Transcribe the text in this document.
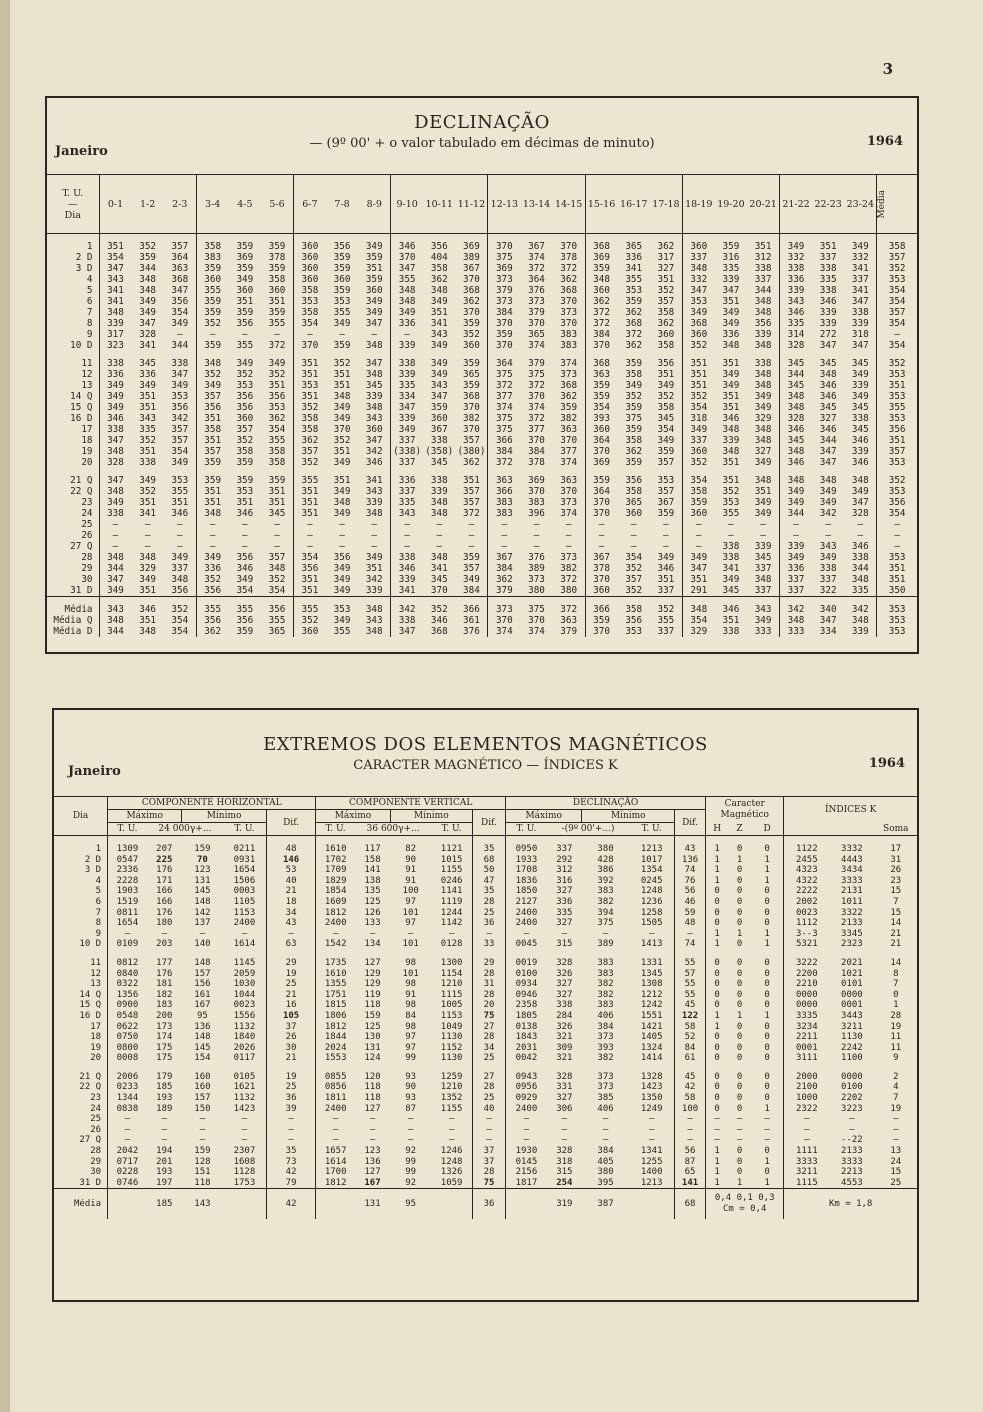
3
DECLINAÇÃO
— (9º 00' + o valor tabulado em décimas de minuto)
Janeiro
1964
T. U.
—
Dia	0-1	1-2	2-3	3-4	4-5	5-6	6-7	7-8	8-9	9-10	10-11	11-12	12-13	13-14	14-15	15-16	16-17	17-18	18-19	19-20	20-21	21-22	22-23	23-24	Média

1	351	352	357	358	359	359	360	356	349	346	356	369	370	367	370	368	365	362	360	359	351	349	351	349	358
2 D	354	359	364	383	369	378	360	359	359	370	404	389	375	374	378	369	336	317	337	316	312	332	337	332	357
3 D	347	344	363	359	359	359	360	359	351	347	358	367	369	372	372	359	341	327	348	335	338	338	338	341	352
4	343	348	368	360	349	358	360	360	359	355	362	370	373	364	362	348	355	351	332	339	337	336	335	337	353
5	341	348	347	355	360	360	358	359	360	348	348	368	379	376	368	360	353	352	347	347	344	339	338	341	354
6	341	349	356	359	351	351	353	353	349	348	349	362	373	373	370	362	359	357	353	351	348	343	346	347	354
7	348	349	354	359	359	359	358	355	349	349	351	370	384	379	373	372	362	358	349	349	348	346	339	338	357
8	339	347	349	352	356	355	354	349	347	336	341	359	370	370	370	372	368	362	368	349	356	335	339	339	354
9	317	328	—	—	—	—	—	—	—	—	343	352	359	365	383	384	372	360	360	336	339	314	272	318	—
10 D	323	341	344	359	355	372	370	359	348	339	349	360	370	374	383	370	362	358	352	348	348	328	347	347	354

11	338	345	338	348	349	349	351	352	347	338	349	359	364	379	374	368	359	356	351	351	338	345	345	345	352
12	336	336	347	352	352	352	351	351	348	339	349	365	375	375	373	363	358	351	351	349	348	344	348	349	353
13	349	349	349	349	353	351	353	351	345	335	343	359	372	372	368	359	349	349	351	349	348	345	346	339	351
14 Q	349	351	353	357	356	356	351	348	339	334	347	368	377	370	362	359	352	352	352	351	349	348	346	349	353
15 Q	349	351	356	356	356	353	352	349	348	347	359	370	374	374	359	354	359	358	354	351	349	348	345	345	355
16 D	346	343	342	351	360	362	358	349	343	339	360	382	375	372	382	393	375	345	318	346	329	328	327	338	353
17	338	335	357	358	357	354	358	370	360	349	367	370	375	377	363	360	359	354	349	348	348	346	346	345	356
18	347	352	357	351	352	355	362	352	347	337	338	357	366	370	370	364	358	349	337	339	348	345	344	346	351
19	348	351	354	357	358	358	357	351	342	(338)	(358)	(380)	384	384	377	370	362	359	360	348	327	348	347	339	357
20	328	338	349	359	359	358	352	349	346	337	345	362	372	378	374	369	359	357	352	351	349	346	347	346	353

21 Q	347	349	353	359	359	359	355	351	341	336	338	351	363	369	363	359	356	353	354	351	348	348	348	348	352
22 Q	348	352	355	351	353	351	351	349	343	337	339	357	366	370	370	364	358	357	358	352	351	349	349	349	353
23	349	351	351	351	351	351	351	348	339	335	348	357	383	383	373	370	365	367	359	353	349	349	349	347	356
24	338	341	346	348	346	345	351	349	348	343	348	372	383	396	374	370	360	359	360	355	349	344	342	328	354
25	—	—	—	—	—	—	—	—	—	—	—	—	—	—	—	—	—	—	—	—	—	—	—	—	—
26	—	—	—	—	—	—	—	—	—	—	—	—	—	—	—	—	—	—	—	—	—	—	—	—	—
27 Q	—	—	—	—	—	—	—	—	—	—	—	—	—	—	—	—	—	—	—	338	339	339	343	346	—
28	348	348	349	349	356	357	354	356	349	338	348	359	367	376	373	367	354	349	349	338	345	349	349	338	353
29	344	329	337	336	346	348	356	349	351	346	341	357	384	389	382	378	352	346	347	341	337	336	338	344	351
30	347	349	348	352	349	352	351	349	342	339	345	349	362	373	372	370	357	351	351	349	348	337	337	348	351
31 D	349	351	356	356	354	354	351	349	339	341	370	384	379	380	380	360	352	337	291	345	337	337	322	335	350

Média	343	346	352	355	355	356	355	353	348	342	352	366	373	375	372	366	358	352	348	346	343	342	340	342	353
Média Q	348	351	354	356	356	355	352	349	343	338	346	361	370	370	363	359	356	355	354	351	349	348	347	348	353
Média D	344	348	354	362	359	365	360	355	348	347	368	376	374	374	379	370	353	337	329	338	333	333	334	339	353
EXTREMOS DOS ELEMENTOS MAGNÉTICOS
CARACTER MAGNÉTICO — ÍNDICES K
Janeiro
1964
Dia	COMPONENTE HORIZONTAL					COMPONENTE VERTICAL					DECLINAÇÃO					Caracter Magnético			ÍNDICES K		
	Máximo		Mínimo		Dif.	Máximo		Mínimo		Dif.	Máximo		Mínimo		Dif.						
	T. U.	24 000γ+...		T. U.		T. U.	36 600γ+...		T. U.		T. U.	-(9º 00'+...)		T. U.		H	Z	D			Soma

1	1309	207	159	0211	48	1610	117	82	1121	35	0950	337	380	1213	43	1	0	0	1122	3332	17
2 D	0547	225	70	0931	146	1702	158	90	1015	68	1933	292	428	1017	136	1	1	1	2455	4443	31
3 D	2336	176	123	1654	53	1709	141	91	1155	50	1708	312	386	1354	74	1	0	1	4323	3434	26
4	2228	171	131	1506	40	1829	138	91	0246	47	1836	316	392	0245	76	1	0	1	4322	3333	23
5	1903	166	145	0003	21	1854	135	100	1141	35	1850	327	383	1248	56	0	0	0	2222	2131	15
6	1519	166	148	1105	18	1609	125	97	1119	28	2127	336	382	1236	46	0	0	0	2002	1011	7
7	0811	176	142	1153	34	1812	126	101	1244	25	2400	335	394	1258	59	0	0	0	0023	3322	15
8	1654	180	137	2400	43	2400	133	97	1142	36	2400	327	375	1505	48	0	0	0	1112	2133	14
9	—	—	—	—	—	—	—	—	—	—	—	—	—	—	—	1	1	1	3--3	3345	21
10 D	0109	203	140	1614	63	1542	134	101	0128	33	0045	315	389	1413	74	1	0	1	5321	2323	21

11	0812	177	148	1145	29	1735	127	98	1300	29	0019	328	383	1331	55	0	0	0	3222	2021	14
12	0840	176	157	2059	19	1610	129	101	1154	28	0100	326	383	1345	57	0	0	0	2200	1021	8
13	0322	181	156	1030	25	1355	129	98	1210	31	0934	327	382	1308	55	0	0	0	2210	0101	7
14 Q	1356	182	161	1044	21	1751	119	91	1115	28	0946	327	382	1212	55	0	0	0	0000	0000	0
15 Q	0900	183	167	0023	16	1815	118	98	1005	20	2358	338	383	1242	45	0	0	0	0000	0001	1
16 D	0548	200	95	1556	105	1806	159	84	1153	75	1805	284	406	1551	122	1	1	1	3335	3443	28
17	0622	173	136	1132	37	1812	125	98	1049	27	0138	326	384	1421	58	1	0	0	3234	3211	19
18	0750	174	148	1840	26	1844	130	97	1130	28	1843	321	373	1405	52	0	0	0	2211	1130	11
19	0800	175	145	2026	30	2024	131	97	1152	34	2031	309	393	1324	84	0	0	0	0001	2242	11
20	0008	175	154	0117	21	1553	124	99	1130	25	0042	321	382	1414	61	0	0	0	3111	1100	9

21 Q	2006	179	160	0105	19	0855	120	93	1259	27	0943	328	373	1328	45	0	0	0	2000	0000	2
22 Q	0233	185	160	1621	25	0856	118	90	1210	28	0956	331	373	1423	42	0	0	0	2100	0100	4
23	1344	193	157	1132	36	1811	118	93	1352	25	0929	327	385	1350	58	0	0	0	1000	2202	7
24	0838	189	150	1423	39	2400	127	87	1155	40	2400	306	406	1249	100	0	0	1	2322	3223	19
25	—	—	—	—	—	—	—	—	—	—	—	—	—	—	—	—	—	—	—	—	—
26	—	—	—	—	—	—	—	—	—	—	—	—	—	—	—	—	—	—	—	—	—
27 Q	—	—	—	—	—	—	—	—	—	—	—	—	—	—	—	—	—	—	—	--22	—
28	2042	194	159	2307	35	1657	123	92	1246	37	1930	328	384	1341	56	1	0	0	1111	2133	13
29	0717	201	128	1608	73	1614	136	99	1248	37	0145	318	405	1255	87	1	0	1	3333	3333	24
30	0228	193	151	1128	42	1700	127	99	1326	28	2156	315	380	1400	65	1	0	0	3211	2213	15
31 D	0746	197	118	1753	79	1812	167	92	1059	75	1817	254	395	1213	141	1	1	1	1115	4553	25
Média		185	143		42		131	95		36		319	387		68	0,4 0,1 0,3
Cm = 0,4			Km = 1,8		
